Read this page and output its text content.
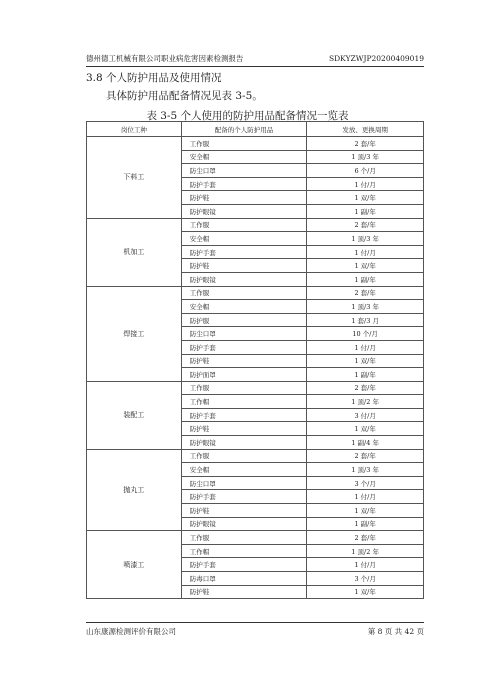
德州德工机械有限公司职业病危害因素检测报告	SDKYZWJP20200409019
3.8 个人防护用品及使用情况
具体防护用品配备情况见表 3-5。
表 3-5 个人使用的防护用品配备情况一览表
岗位工种	配备的个人防护用品	发放、更换周期
下料工	工作服	2 套/年
	安全帽	1 顶/3 年
	防尘口罩	6 个/月
	防护手套	1 付/月
	防护鞋	1 双/年
	防护眼镜	1 副/年
机加工	工作服	2 套/年
	安全帽	1 顶/3 年
	防护手套	1 付/月
	防护鞋	1 双/年
	防护眼镜	1 副/年
焊接工	工作服	2 套/年
	安全帽	1 顶/3 年
	防护服	1 套/3 月
	防尘口罩	10 个/月
	防护手套	1 付/月
	防护鞋	1 双/年
	防护面罩	1 副/年
装配工	工作服	2 套/年
	工作帽	1 顶/2 年
	防护手套	3 付/月
	防护鞋	1 双/年
	防护眼镜	1 副/4 年
抛丸工	工作服	2 套/年
	安全帽	1 顶/3 年
	防尘口罩	3 个/月
	防护手套	1 付/月
	防护鞋	1 双/年
	防护眼镜	1 副/年
喷漆工	工作服	2 套/年
	工作帽	1 顶/2 年
	防护手套	1 付/月
	防毒口罩	3 个/月
	防护鞋	1 双/年
山东康源检测评价有限公司	第 8 页 共 42 页
